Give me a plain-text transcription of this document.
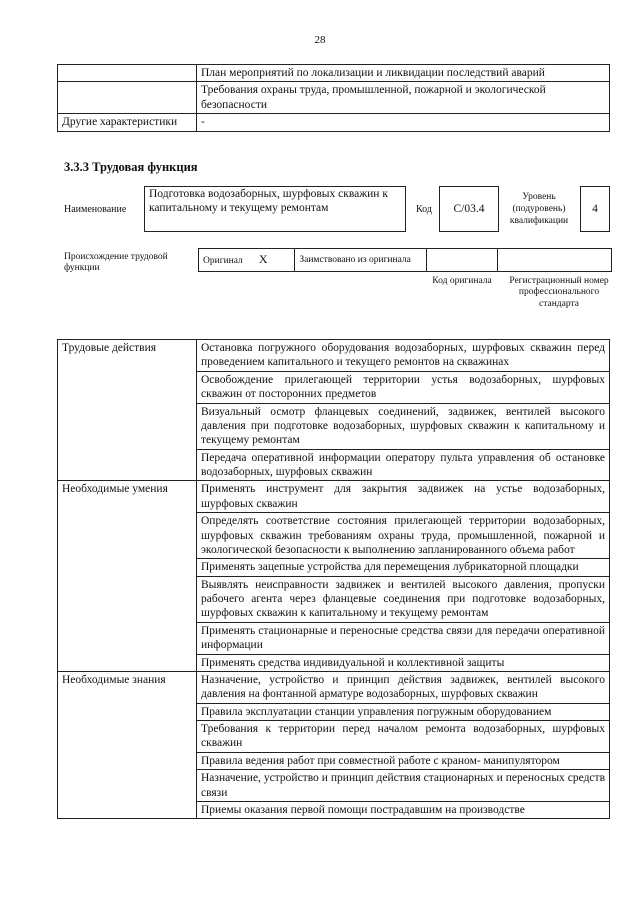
28
	План мероприятий по локализации и ликвидации последствий аварий
	Требования охраны труда, промышленной, пожарной и экологической безопасности
Другие характеристики	-
3.3.3 Трудовая функция
Наименование
Подготовка водозаборных, шурфовых скважин к капитальному и текущему ремонтам	Код	C/03.4
Уровень (подуровень) квалификации
4
Происхождение трудовой функции
Оригинал X	Заимствовано из оригинала		
Код оригинала	Регистрационный номер профессионального стандарта
Трудовые действия	Остановка погружного оборудования водозаборных, шурфовых скважин перед проведением капитального и текущего ремонтов на скважинах
	Освобождение прилегающей территории устья водозаборных, шурфовых скважин от посторонних предметов
	Визуальный осмотр фланцевых соединений, задвижек, вентилей высокого давления при подготовке водозаборных, шурфовых скважин к капитальному и текущему ремонтам
	Передача оперативной информации оператору пульта управления об остановке водозаборных, шурфовых скважин
Необходимые умения	Применять инструмент для закрытия задвижек на устье водозаборных, шурфовых скважин
	Определять соответствие состояния прилегающей территории водозаборных, шурфовых скважин требованиям охраны труда, промышленной, пожарной и экологической безопасности к выполнению запланированного объема работ
	Применять зацепные устройства для перемещения лубрикаторной площадки
	Выявлять неисправности задвижек и вентилей высокого давления, пропуски рабочего агента через фланцевые соединения при подготовке водозаборных, шурфовых скважин к капитальному и текущему ремонтам
	Применять стационарные и переносные средства связи для передачи оперативной информации
	Применять средства индивидуальной и коллективной защиты
Необходимые знания	Назначение, устройство и принцип действия задвижек, вентилей высокого давления на фонтанной арматуре водозаборных, шурфовых скважин
	Правила эксплуатации станции управления погружным оборудованием
	Требования к территории перед началом ремонта водозаборных, шурфовых скважин
	Правила ведения работ при совместной работе с краном- манипулятором
	Назначение, устройство и принцип действия стационарных и переносных средств связи
	Приемы оказания первой помощи пострадавшим на производстве
